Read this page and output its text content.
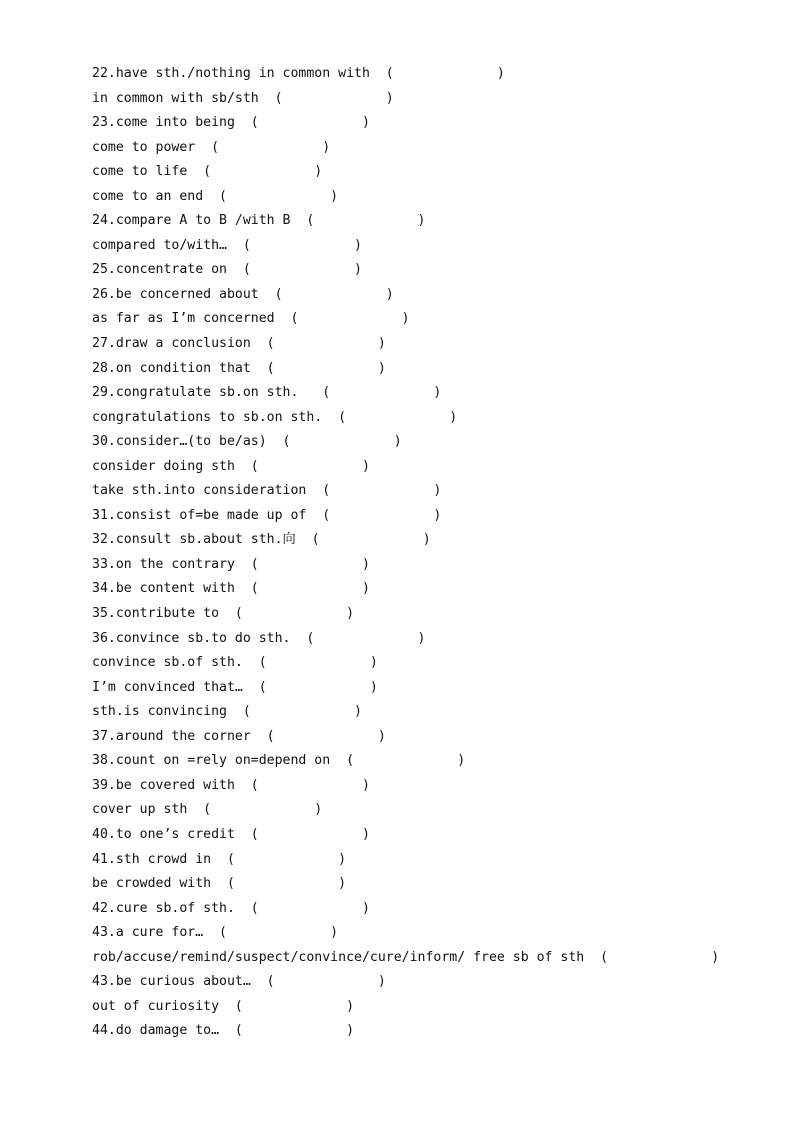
22.have sth./nothing in common with  (             )
in common with sb/sth  (             )
23.come into being  (             )
come to power  (             )
come to life  (             )
come to an end  (             )
24.compare A to B /with B  (             )
compared to/with…  (             )
25.concentrate on  (             )
26.be concerned about  (             )
as far as I’m concerned  (             )
27.draw a conclusion  (             )
28.on condition that  (             )
29.congratulate sb.on sth.   (             )
congratulations to sb.on sth.  (             )
30.consider…(to be/as)  (             )
consider doing sth  (             )
take sth.into consideration  (             )
31.consist of=be made up of  (             )
32.consult sb.about sth.向  (             )
33.on the contrary  (             )
34.be content with  (             )
35.contribute to  (             )
36.convince sb.to do sth.  (             )
convince sb.of sth.  (             )
I’m convinced that…  (             )
sth.is convincing  (             )
37.around the corner  (             )
38.count on =rely on=depend on  (             )
39.be covered with  (             )
cover up sth  (             )
40.to one’s credit  (             )
41.sth crowd in  (             )
be crowded with  (             )
42.cure sb.of sth.  (             )
43.a cure for…  (             )
rob/accuse/remind/suspect/convince/cure/inform/ free sb of sth  (             )
43.be curious about…  (             )
out of curiosity  (             )
44.do damage to…  (             )
